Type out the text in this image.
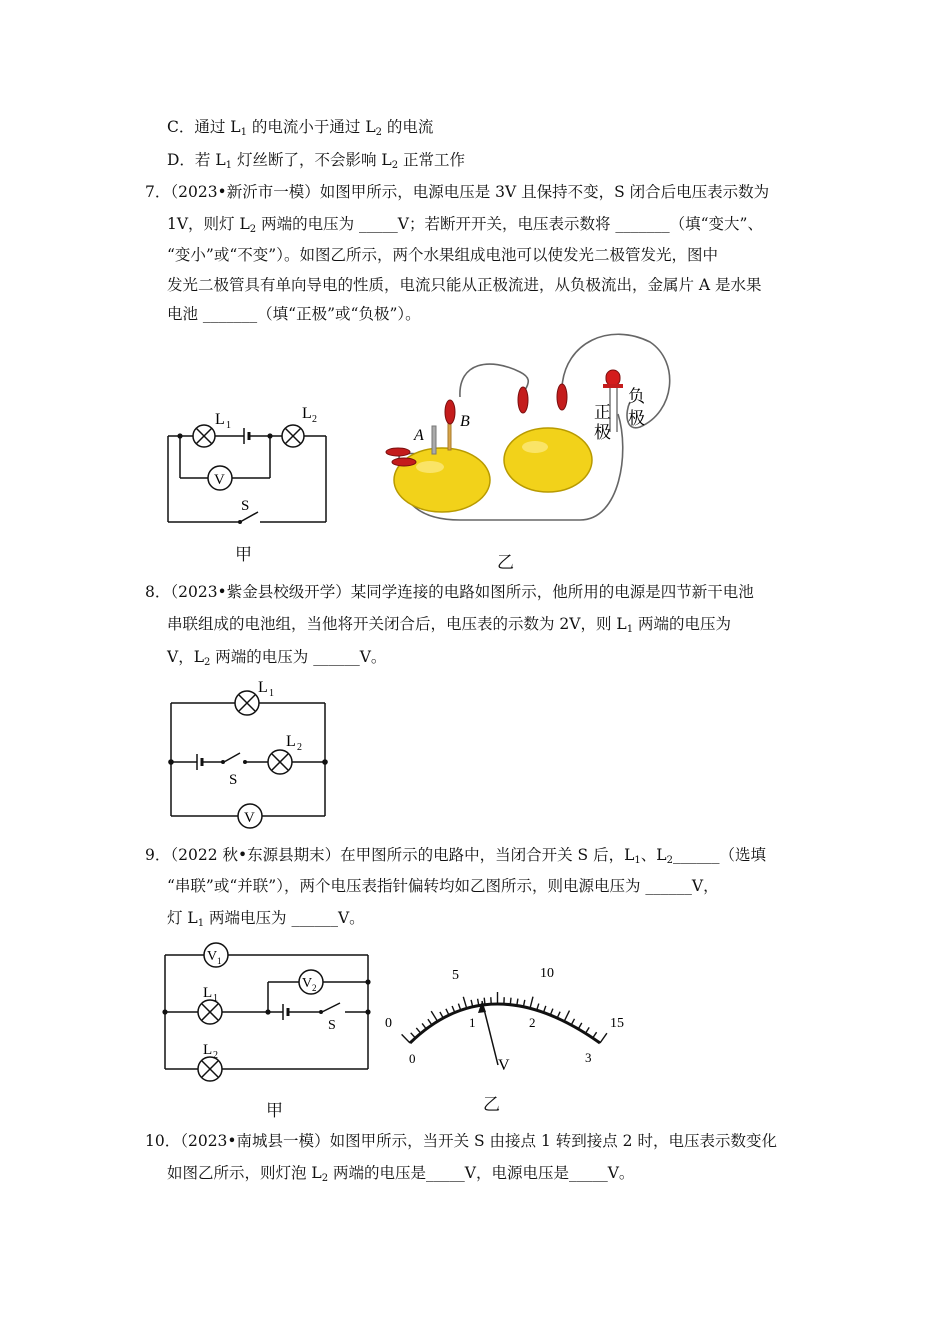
C．通过 $L_1$ 的电流小于通过 $L_2$ 的电流
D．若 $L_1$ 灯丝断了，不会影响 $L_2$ 正常工作
7．（2023•新沂市一模）如图甲所示，电源电压是 3V 且保持不变，S 闭合后电压表示数为
1V，则灯 $L_2$ 两端的电压为 _____V；若断开开关，电压表示数将 _______（填“变大”、
“变小”或“不变”）。如图乙所示，两个水果组成电池可以使发光二极管发光，图中
发光二极管具有单向导电的性质，电流只能从正极流进，从负极流出，金属片 A 是水果
电池 _______（填“正极”或“负极”）。
V
L 1
L 2
S
甲
A
B	正
极
负
极
乙
8．（2023•紫金县校级开学）某同学连接的电路如图所示，他所用的电源是四节新干电池
串联组成的电池组，当他将开关闭合后，电压表的示数为 2V，则 $L_1$ 两端的电压为
V，$L_2$ 两端的电压为 ______V。
V
L 1
L 2
S
9．（2022 秋•东源县期末）在甲图所示的电路中，当闭合开关 S 后，$L_1$、$L_2\_\_\_\_\_\_$（选填
“串联”或“并联”），两个电压表指针偏转均如乙图所示，则电源电压为 ______V，
灯 $L_1$ 两端电压为 ______V。
V 1
V 2
L 1
L 2
S
甲
0
5	10
15
0
1	2
3
V
乙
10．（2023•南城县一模）如图甲所示，当开关 S 由接点 1 转到接点 2 时，电压表示数变化
如图乙所示，则灯泡 $L_2$ 两端的电压是_____V，电源电压是_____V。
